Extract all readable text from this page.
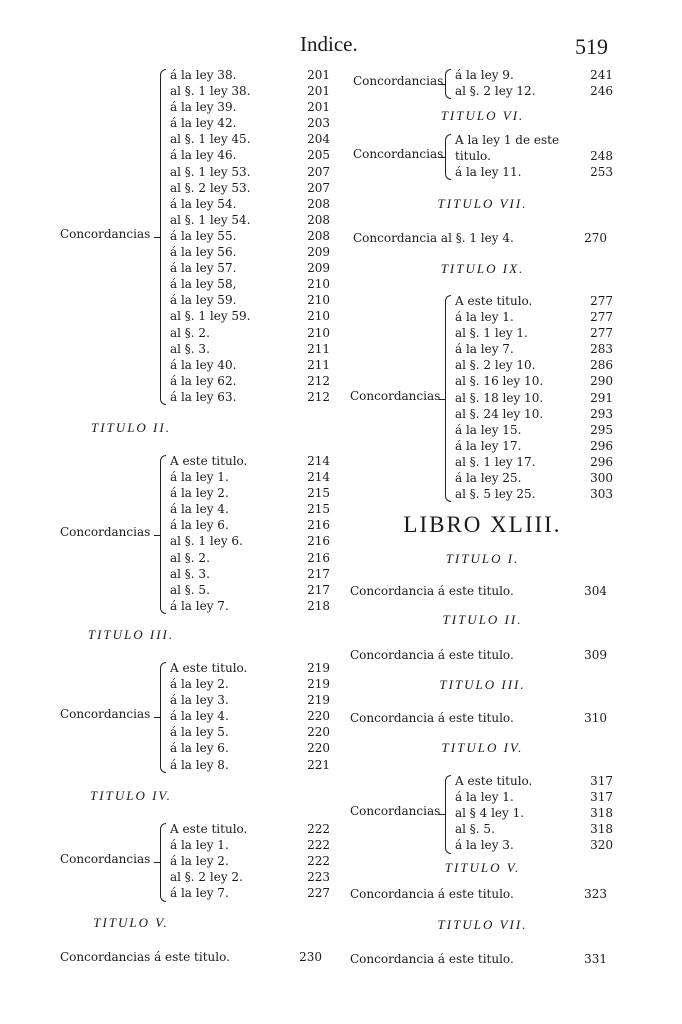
Indice.	519
Concordancias
á la ley 38.	201
al §. 1 ley 38.	201
á la ley 39.	201
á la ley 42.	203
al §. 1 ley 45.	204
á la ley 46.	205
al §. 1 ley 53.	207
al §. 2 ley 53.	207
á la ley 54.	208
al §. 1 ley 54.	208
á la ley 55.	208
á la ley 56.	209
á la ley 57.	209
á la ley 58,	210
á la ley 59.	210
al §. 1 ley 59.	210
al §. 2.	210
al §. 3.	211
á la ley 40.	211
á la ley 62.	212
á la ley 63.	212
TITULO II.
Concordancias
A este titulo.	214
á la ley 1.	214
á la ley 2.	215
á la ley 4.	215
á la ley 6.	216
al §. 1 ley 6.	216
al §. 2.	216
al §. 3.	217
al §. 5.	217
á la ley 7.	218
TITULO III.
Concordancias
A este titulo.	219
á la ley 2.	219
á la ley 3.	219
á la ley 4.	220
á la ley 5.	220
á la ley 6.	220
á la ley 8.	221
TITULO IV.
Concordancias
A este titulo.	222
á la ley 1.	222
á la ley 2.	222
al §. 2 ley 2.	223
á la ley 7.	227
TITULO V.
Concordancias á este titulo.	230
Concordancias á la ley 9.	241
al §. 2 ley 12.	246
TITULO VI.
Concordancias
A la ley 1 de este
titulo.	248
á la ley 11.	253
TITULO VII.
Concordancia al §. 1 ley 4.	270
TITULO IX.
Concordancias
A este titulo.	277
á la ley 1.	277
al §. 1 ley 1.	277
á la ley 7.	283
al §. 2 ley 10.	286
al §. 16 ley 10.	290
al §. 18 ley 10.	291
al §. 24 ley 10.	293
á la ley 15.	295
á la ley 17.	296
al §. 1 ley 17.	296
á la ley 25.	300
al §. 5 ley 25.	303
LIBRO XLIII.
TITULO I.
Concordancia á este titulo.	304
TITULO II.
Concordancia á este titulo.	309
TITULO III.
Concordancia á este titulo.	310
TITULO IV.
Concordancias
A este titulo.	317
á la ley 1.	317
al § 4 ley 1.	318
al §. 5.	318
á la ley 3.	320
TITULO V.
Concordancia á este titulo.	323
TITULO VII.
Concordancia á este titulo.	331
